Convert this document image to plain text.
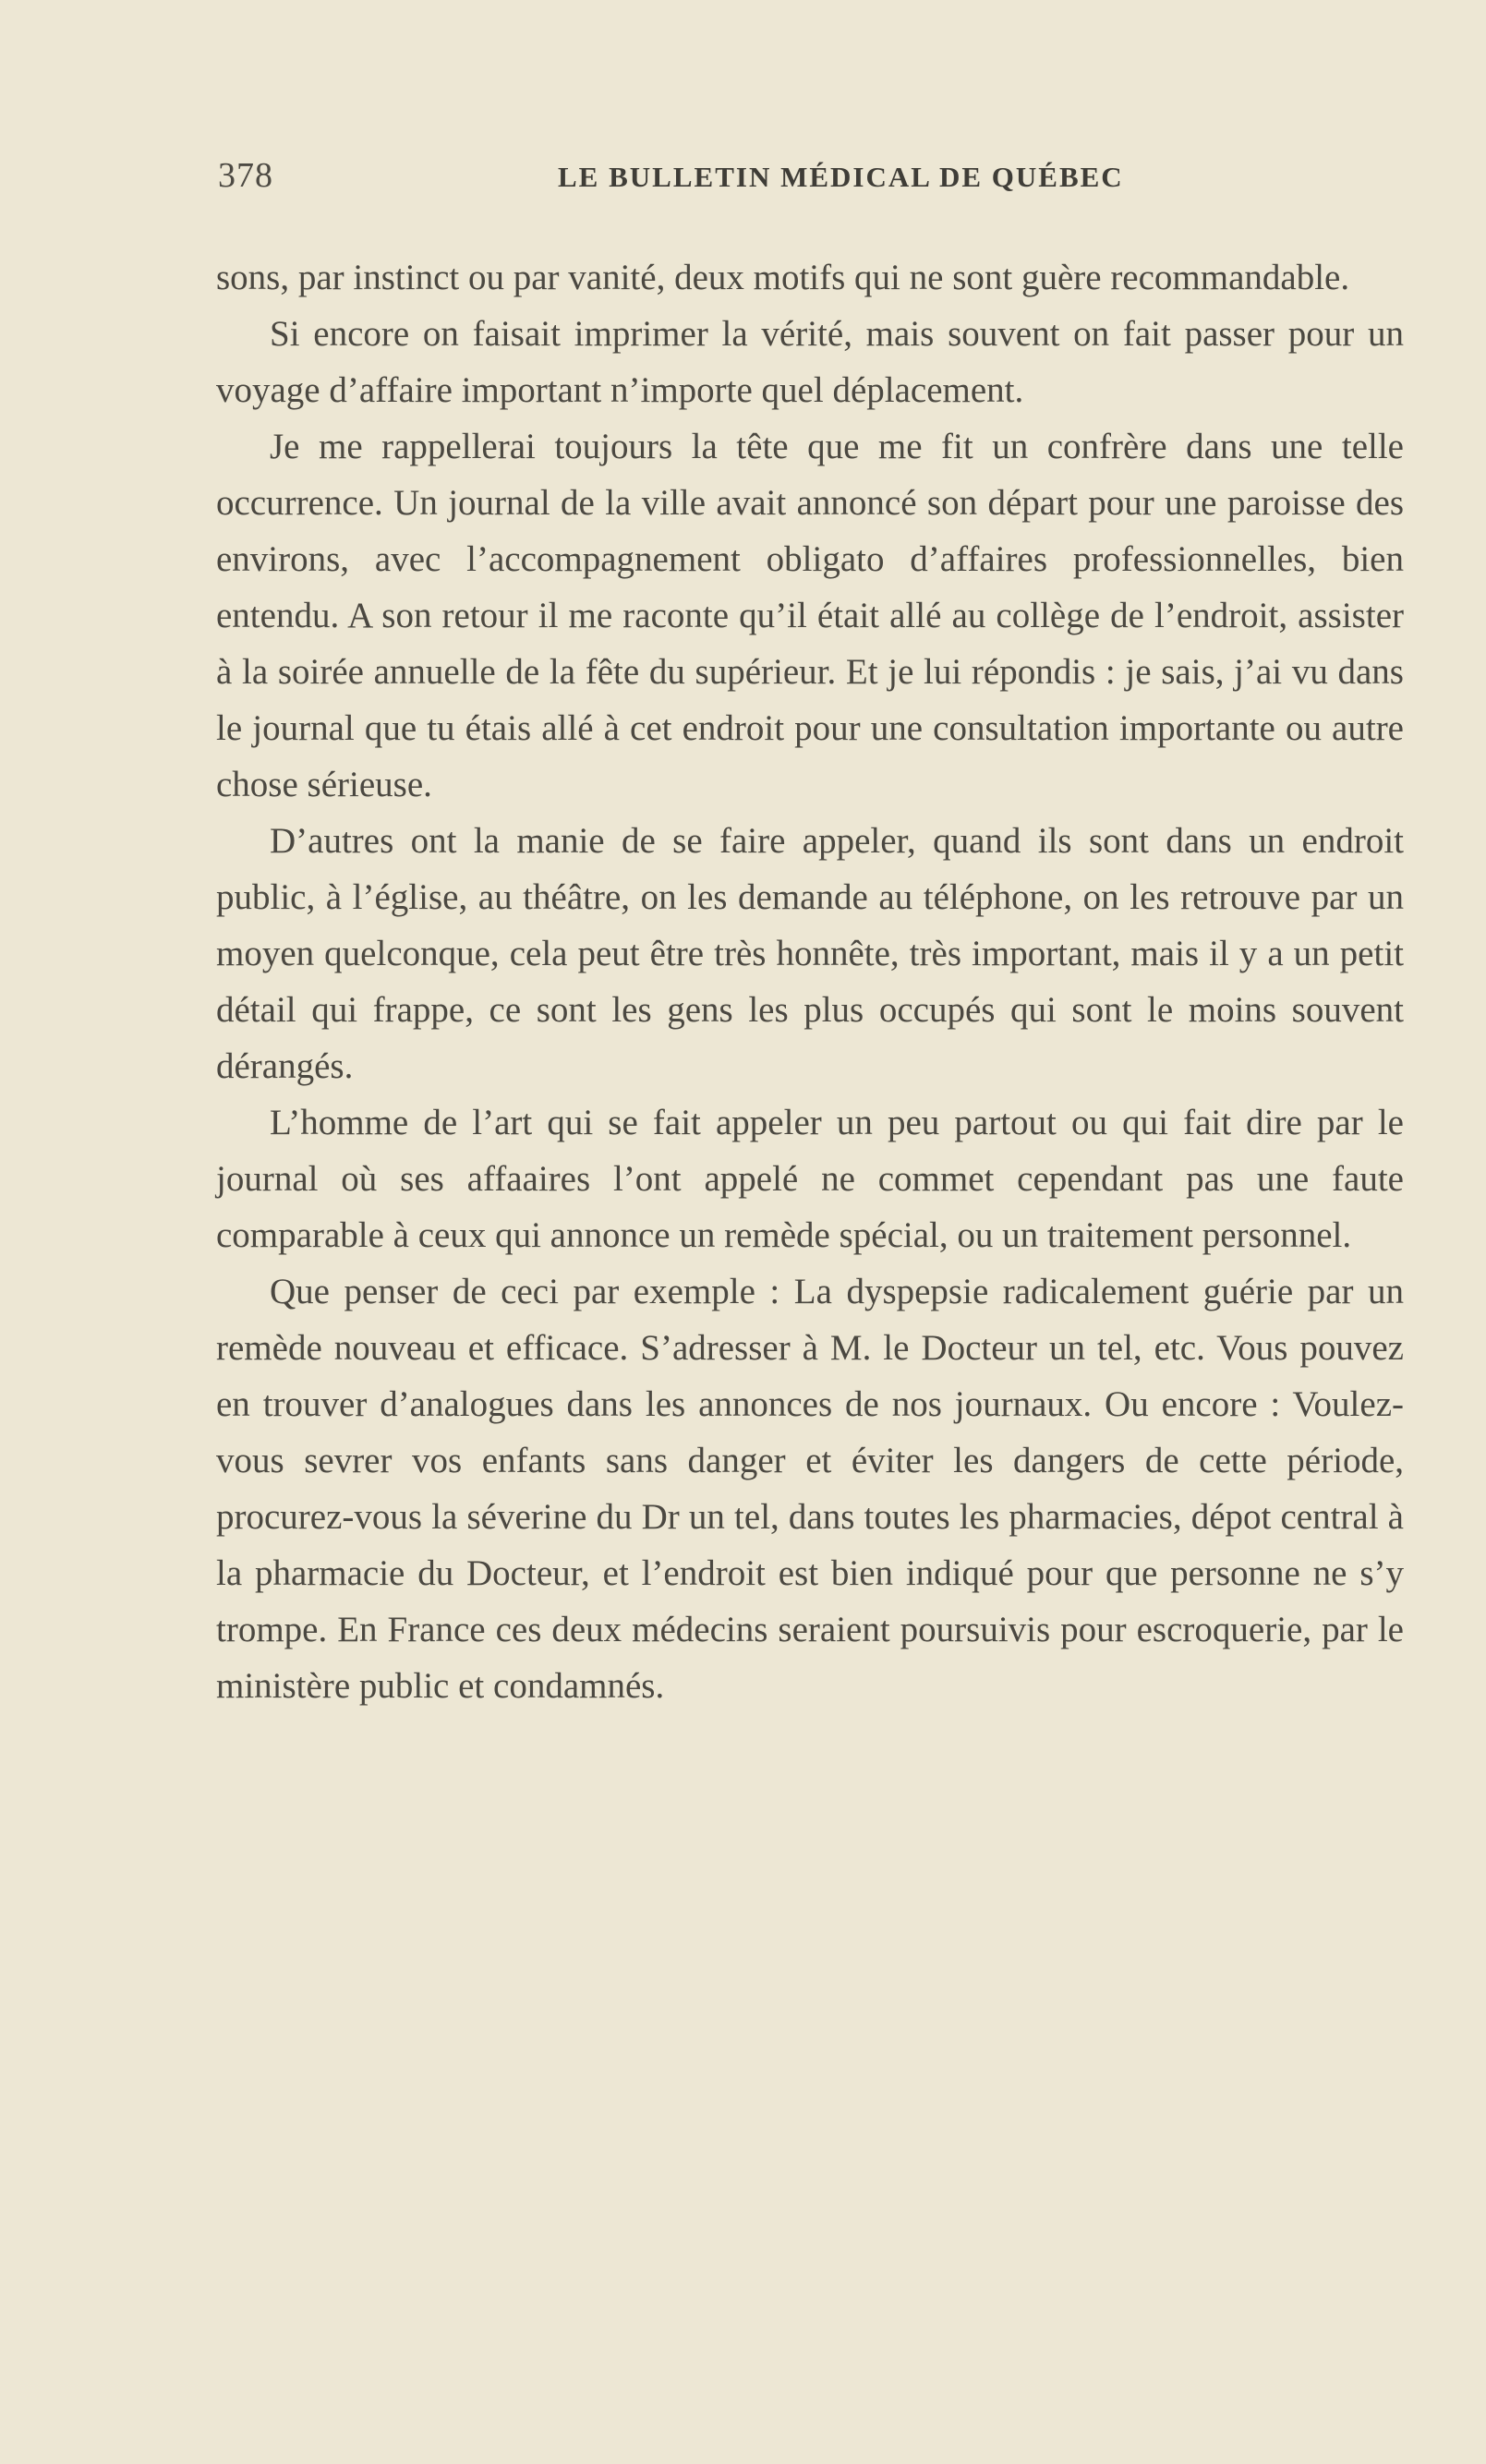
378	LE BULLETIN MÉDICAL DE QUÉBEC

sons, par instinct ou par vanité, deux motifs qui ne sont guère recommandable.

Si encore on faisait imprimer la vérité, mais souvent on fait passer pour un voyage d’affaire important n’importe quel déplacement.

Je me rappellerai toujours la tête que me fit un confrère dans une telle occurrence. Un journal de la ville avait annoncé son départ pour une paroisse des environs, avec l’accompagnement obligato d’affaires professionnelles, bien entendu. A son retour il me raconte qu’il était allé au collège de l’endroit, assister à la soirée annuelle de la fête du supérieur. Et je lui répondis : je sais, j’ai vu dans le journal que tu étais allé à cet endroit pour une consultation importante ou autre chose sérieuse.

D’autres ont la manie de se faire appeler, quand ils sont dans un endroit public, à l’église, au théâtre, on les demande au téléphone, on les retrouve par un moyen quelconque, cela peut être très honnête, très important, mais il y a un petit détail qui frappe, ce sont les gens les plus occupés qui sont le moins souvent dérangés.

L’homme de l’art qui se fait appeler un peu partout ou qui fait dire par le journal où ses affaaires l’ont appelé ne commet cependant pas une faute comparable à ceux qui annonce un remède spécial, ou un traitement personnel.

Que penser de ceci par exemple : La dyspepsie radicalement guérie par un remède nouveau et efficace. S’adresser à M. le Docteur un tel, etc. Vous pouvez en trouver d’analogues dans les annonces de nos journaux. Ou encore : Voulez-vous sevrer vos enfants sans danger et éviter les dangers de cette période, procurez-vous la séverine du Dr un tel, dans toutes les pharmacies, dépot central à la pharmacie du Docteur, et l’endroit est bien indiqué pour que personne ne s’y trompe. En France ces deux médecins seraient poursuivis pour escroquerie, par le ministère public et condamnés.
